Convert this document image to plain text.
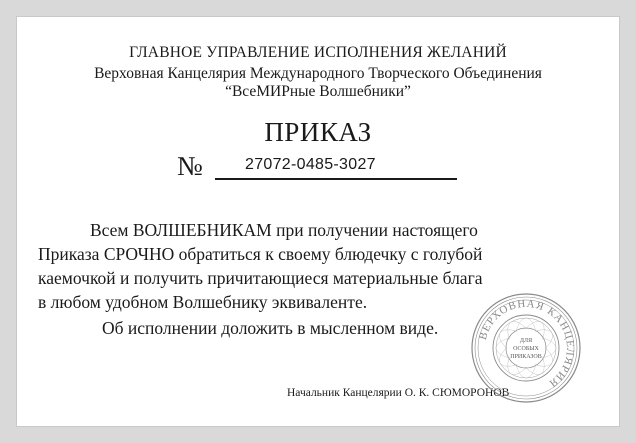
ГЛАВНОЕ УПРАВЛЕНИЕ ИСПОЛНЕНИЯ ЖЕЛАНИЙ
Верховная Канцелярия Международного Творческого Объединения
“ВсеМИРные Волшебники”
ПРИКАЗ
№	27072-0485-3027
Всем ВОЛШЕБНИКАМ при получении настоящего
Приказа СРОЧНО обратиться к своему блюдечку с голубой
каемочкой и получить причитающиеся материальные блага
в любом удобном Волшебнику эквиваленте.
Об исполнении доложить в мысленном виде.
Начальник Канцелярии О. К. СЮМОРОНОВ
ВЕРХОВНАЯ КАНЦЕЛЯРИЯ
ДЛЯ
ОСОБЫХ
ПРИКАЗОВ
